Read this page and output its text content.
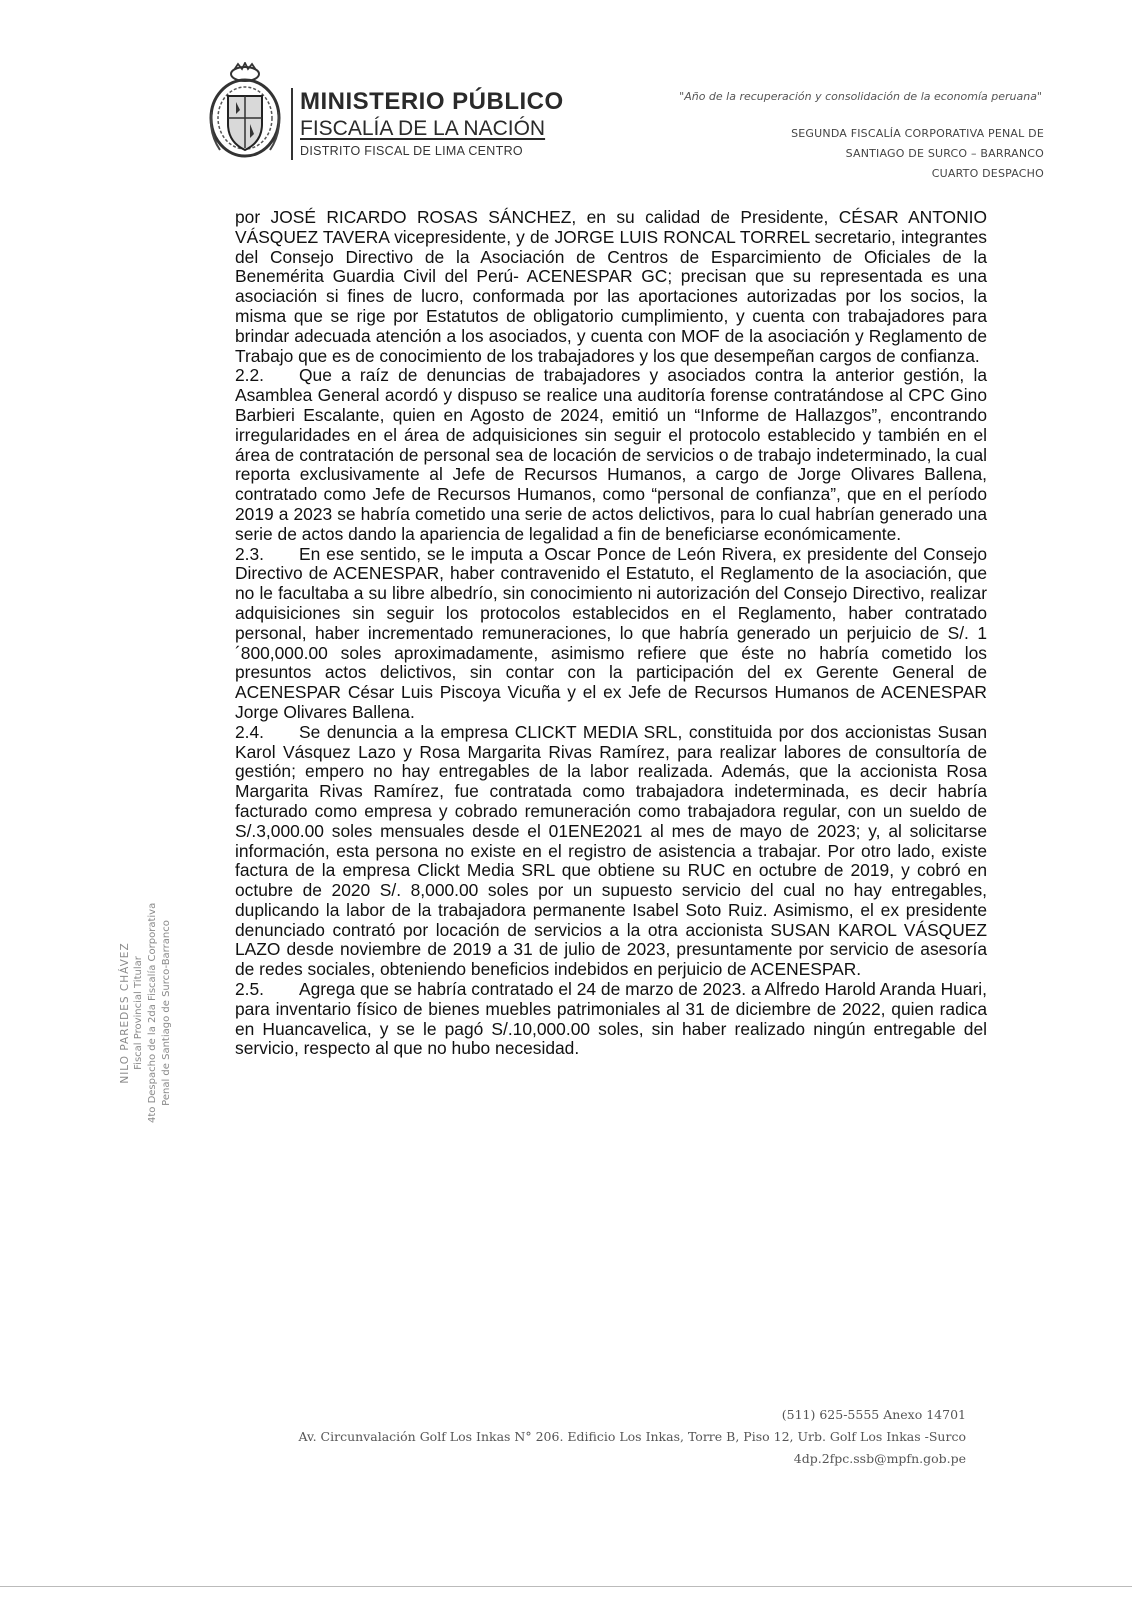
MINISTERIO PÚBLICO
FISCALÍA DE LA NACIÓN
DISTRITO FISCAL DE LIMA CENTRO
"Año de la recuperación y consolidación de la economía peruana"
SEGUNDA FISCALÍA CORPORATIVA PENAL DE
SANTIAGO DE SURCO – BARRANCO
CUARTO DESPACHO

por JOSÉ RICARDO ROSAS SÁNCHEZ, en su calidad de Presidente, CÉSAR ANTONIO VÁSQUEZ TAVERA vicepresidente, y de JORGE LUIS RONCAL TORREL secretario, integrantes del Consejo Directivo de la Asociación de Centros de Esparcimiento de Oficiales de la Benemérita Guardia Civil del Perú- ACENESPAR GC; precisan que su representada es una asociación si fines de lucro, conformada por las aportaciones autorizadas por los socios, la misma que se rige por Estatutos de obligatorio cumplimiento, y cuenta con trabajadores para brindar adecuada atención a los asociados, y cuenta con MOF de la asociación y Reglamento de Trabajo que es de conocimiento de los trabajadores y los que desempeñan cargos de confianza.

2.2. Que a raíz de denuncias de trabajadores y asociados contra la anterior gestión, la Asamblea General acordó y dispuso se realice una auditoría forense contratándose al CPC Gino Barbieri Escalante, quien en Agosto de 2024, emitió un “Informe de Hallazgos”, encontrando irregularidades en el área de adquisiciones sin seguir el protocolo establecido y también en el área de contratación de personal sea de locación de servicios o de trabajo indeterminado, la cual reporta exclusivamente al Jefe de Recursos Humanos, a cargo de Jorge Olivares Ballena, contratado como Jefe de Recursos Humanos, como “personal de confianza”, que en el período 2019 a 2023 se habría cometido una serie de actos delictivos, para lo cual habrían generado una serie de actos dando la apariencia de legalidad a fin de beneficiarse económicamente.

2.3. En ese sentido, se le imputa a Oscar Ponce de León Rivera, ex presidente del Consejo Directivo de ACENESPAR, haber contravenido el Estatuto, el Reglamento de la asociación, que no le facultaba a su libre albedrío, sin conocimiento ni autorización del Consejo Directivo, realizar adquisiciones sin seguir los protocolos establecidos en el Reglamento, haber contratado personal, haber incrementado remuneraciones, lo que habría generado un perjuicio de S/. 1´800,000.00 soles aproximadamente, asimismo refiere que éste no habría cometido los presuntos actos delictivos, sin contar con la participación del ex Gerente General de ACENESPAR César Luis Piscoya Vicuña y el ex Jefe de Recursos Humanos de ACENESPAR Jorge Olivares Ballena.

2.4. Se denuncia a la empresa CLICKT MEDIA SRL, constituida por dos accionistas Susan Karol Vásquez Lazo y Rosa Margarita Rivas Ramírez, para realizar labores de consultoría de gestión; empero no hay entregables de la labor realizada. Además, que la accionista Rosa Margarita Rivas Ramírez, fue contratada como trabajadora indeterminada, es decir habría facturado como empresa y cobrado remuneración como trabajadora regular, con un sueldo de S/.3,000.00 soles mensuales desde el 01ENE2021 al mes de mayo de 2023; y, al solicitarse información, esta persona no existe en el registro de asistencia a trabajar. Por otro lado, existe factura de la empresa Clickt Media SRL que obtiene su RUC en octubre de 2019, y cobró en octubre de 2020 S/. 8,000.00 soles por un supuesto servicio del cual no hay entregables, duplicando la labor de la trabajadora permanente Isabel Soto Ruiz. Asimismo, el ex presidente denunciado contrató por locación de servicios a la otra accionista SUSAN KAROL VÁSQUEZ LAZO desde noviembre de 2019 a 31 de julio de 2023, presuntamente por servicio de asesoría de redes sociales, obteniendo beneficios indebidos en perjuicio de ACENESPAR.

2.5. Agrega que se habría contratado el 24 de marzo de 2023. a Alfredo Harold Aranda Huari, para inventario físico de bienes muebles patrimoniales al 31 de diciembre de 2022, quien radica en Huancavelica, y se le pagó S/.10,000.00 soles, sin haber realizado ningún entregable del servicio, respecto al que no hubo necesidad.

NILO PAREDES CHÁVEZ Fiscal Provincial Titular 4to Despacho de la 2da Fiscalía Corporativa Penal de Santiago de Surco-Barranco
(511) 625-5555 Anexo 14701
Av. Circunvalación Golf Los Inkas N° 206. Edificio Los Inkas, Torre B, Piso 12, Urb. Golf Los Inkas -Surco
4dp.2fpc.ssb@mpfn.gob.pe
